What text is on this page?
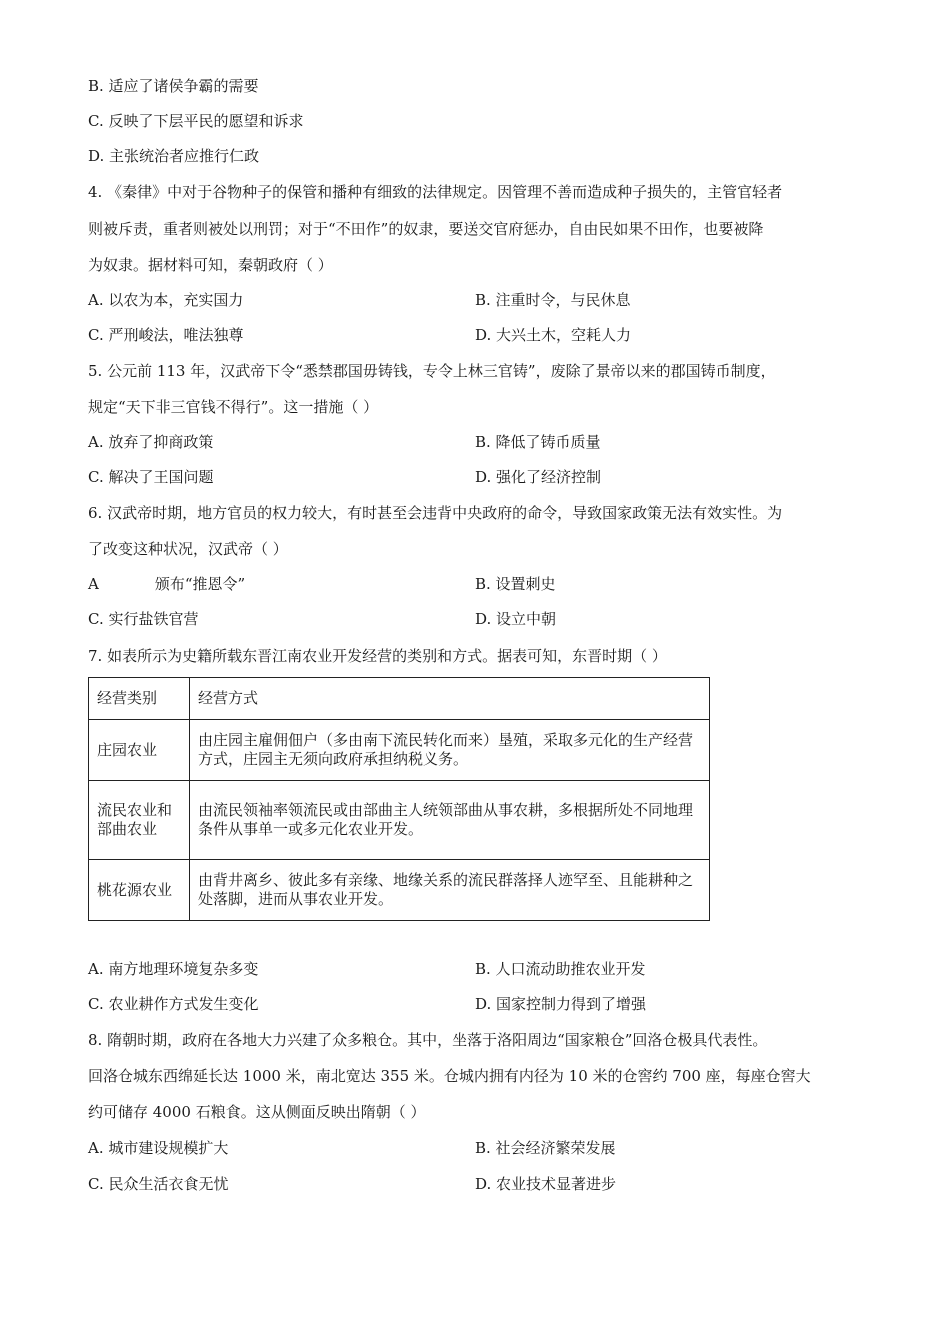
B. 适应了诸侯争霸的需要
C. 反映了下层平民的愿望和诉求
D. 主张统治者应推行仁政
4. 《秦律》中对于谷物种子的保管和播种有细致的法律规定。因管理不善而造成种子损失的，主管官轻者
则被斥责，重者则被处以刑罚；对于“不田作”的奴隶，要送交官府惩办，自由民如果不田作，也要被降
为奴隶。据材料可知，秦朝政府（ ）
A. 以农为本，充实国力	B. 注重时令，与民休息
C. 严刑峻法，唯法独尊	D. 大兴土木，空耗人力
5. 公元前 113 年，汉武帝下令“悉禁郡国毋铸钱，专令上林三官铸”，废除了景帝以来的郡国铸币制度，
规定“天下非三官钱不得行”。这一措施（ ）
A. 放弃了抑商政策	B. 降低了铸币质量
C. 解决了王国问题	D. 强化了经济控制
6. 汉武帝时期，地方官员的权力较大，有时甚至会违背中央政府的命令，导致国家政策无法有效实性。为
了改变这种状况，汉武帝（ ）
A	颁布“推恩令”	B. 设置刺史
C. 实行盐铁官营	D. 设立中朝
7. 如表所示为史籍所载东晋江南农业开发经营的类别和方式。据表可知，东晋时期（ ）
经营类别	经营方式
庄园农业	由庄园主雇佣佃户（多由南下流民转化而来）垦殖，采取多元化的生产经营方式，庄园主无须向政府承担纳税义务。
流民农业和部曲农业	由流民领袖率领流民或由部曲主人统领部曲从事农耕，多根据所处不同地理条件从事单一或多元化农业开发。
桃花源农业	由背井离乡、彼此多有亲缘、地缘关系的流民群落择人迹罕至、且能耕种之处落脚，进而从事农业开发。
A. 南方地理环境复杂多变	B. 人口流动助推农业开发
C. 农业耕作方式发生变化	D. 国家控制力得到了增强
8. 隋朝时期，政府在各地大力兴建了众多粮仓。其中，坐落于洛阳周边“国家粮仓”回洛仓极具代表性。
回洛仓城东西绵延长达 1000 米，南北宽达 355 米。仓城内拥有内径为 10 米的仓窖约 700 座，每座仓窖大
约可储存 4000 石粮食。这从侧面反映出隋朝（ ）
A. 城市建设规模扩大	B. 社会经济繁荣发展
C. 民众生活衣食无忧	D. 农业技术显著进步
